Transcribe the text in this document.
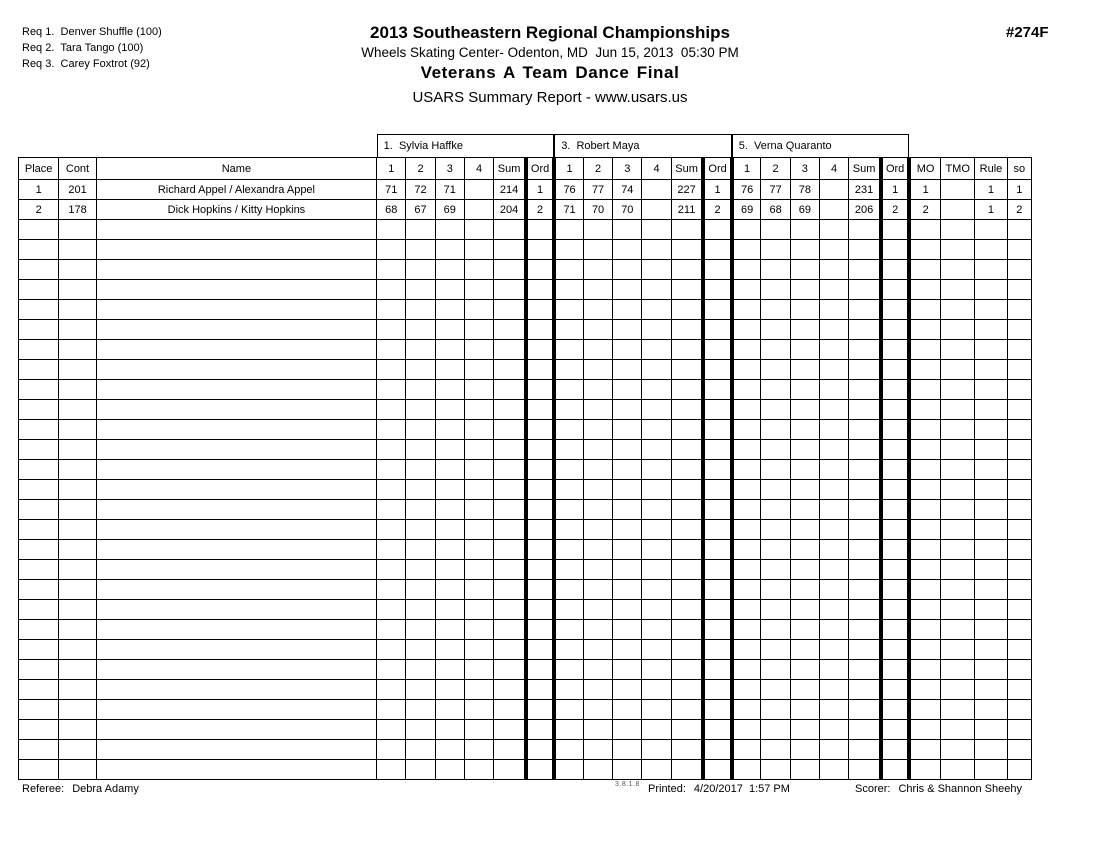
Req 1.  Denver Shuffle (100)
Req 2.  Tara Tango (100)
Req 3.  Carey Foxtrot (92)
2013 Southeastern Regional Championships
Wheels Skating Center- Odenton, MD  Jun 15, 2013  05:30 PM
Veterans A Team Dance Final
USARS Summary Report - www.usars.us
#274F
1.  Sylvia Haffke	3.  Robert Maya	5.  Verna Quaranto
Place	Cont	Name	1	2	3	4	Sum	Ord	1	2	3	4	Sum	Ord	1	2	3	4	Sum	Ord	MO	TMO	Rule	so
1	201	Richard Appel / Alexandra Appel	71	72	71		214	1	76	77	74		227	1	76	77	78		231	1	1		1	1
2	178	Dick Hopkins / Kitty Hopkins	68	67	69		204	2	71	70	70		211	2	69	68	69		206	2	2		1	2

Referee: Debra Adamy	3.8.1.8 Printed: 4/20/2017  1:57 PM	Scorer: Chris & Shannon Sheehy
